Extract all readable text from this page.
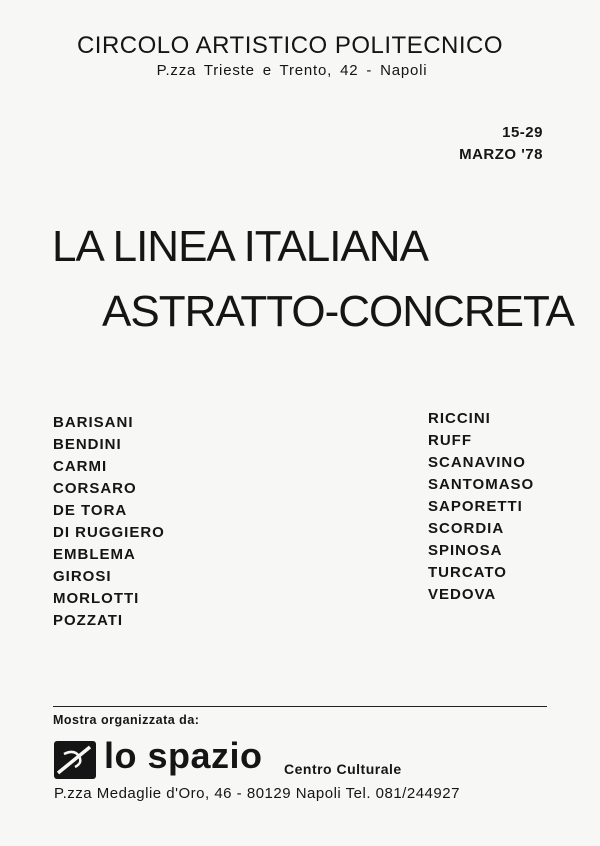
CIRCOLO ARTISTICO POLITECNICO
P.zza Trieste e Trento, 42 - Napoli
15-29
MARZO '78
LA LINEA ITALIANA
ASTRATTO-CONCRETA
BARISANI
BENDINI
CARMI
CORSARO
DE TORA
DI RUGGIERO
EMBLEMA
GIROSI
MORLOTTI
POZZATI
RICCINI
RUFF
SCANAVINO
SANTOMASO
SAPORETTI
SCORDIA
SPINOSA
TURCATO
VEDOVA
Mostra organizzata da:
lo spazio Centro Culturale
P.zza Medaglie d'Oro, 46 - 80129 Napoli Tel. 081/244927
